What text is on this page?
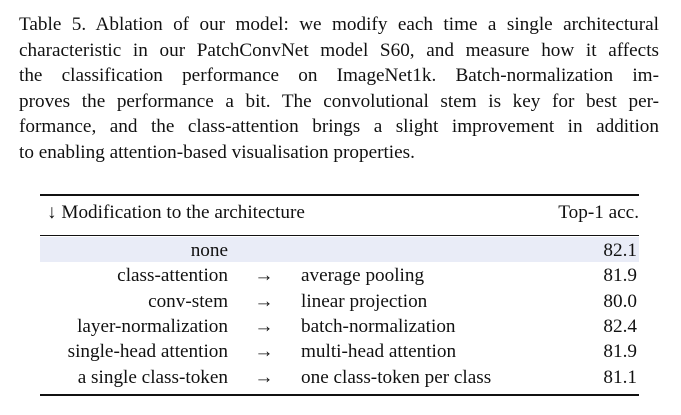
Table 5. Ablation of our model: we modify each time a single architectural
characteristic in our PatchConvNet model S60, and measure how it affects
the classification performance on ImageNet1k. Batch-normalization im-
proves the performance a bit. The convolutional stem is key for best per-
formance, and the class-attention brings a slight improvement in addition
to enabling attention-based visualisation properties.
↓ Modification to the architecture	Top-1 acc.
none	82.1
class-attention → average pooling	81.9
conv-stem → linear projection	80.0
layer-normalization → batch-normalization	82.4
single-head attention → multi-head attention	81.9
a single class-token → one class-token per class	81.1
